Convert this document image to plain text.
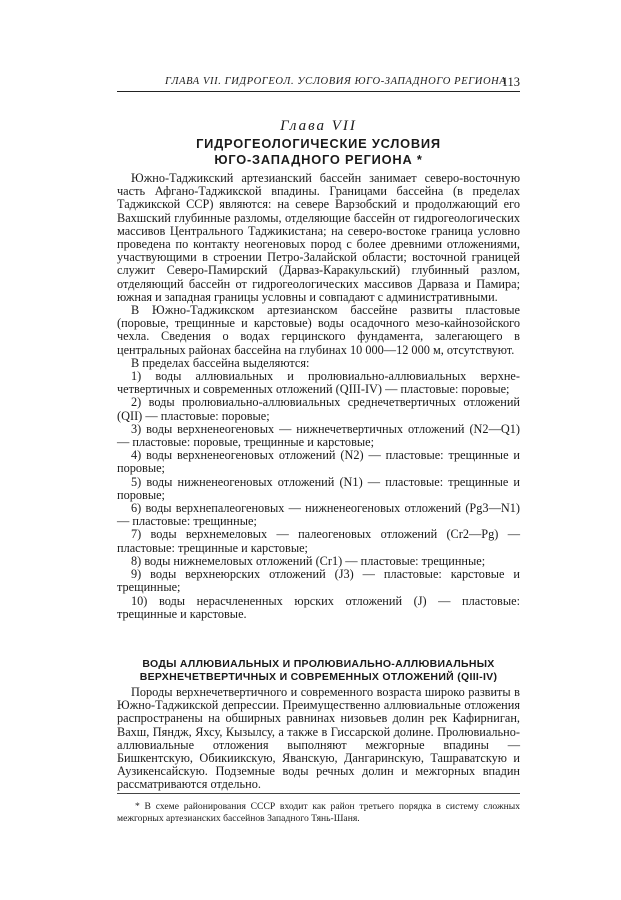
ГЛАВА VII. ГИДРОГЕОЛ. УСЛОВИЯ ЮГО-ЗАПАДНОГО РЕГИОНА
113
Глава VII
ГИДРОГЕОЛОГИЧЕСКИЕ УСЛОВИЯ
ЮГО-ЗАПАДНОГО РЕГИОНА *

Южно-Таджикский артезианский бассейн занимает северо-восточную часть Афгано-Таджикской впадины. Границами бассейна (в пределах Таджикской ССР) являются: на севере Варзобский и продолжающий его Вахшский глубинные разломы, отделяющие бассейн от гидрогеологических массивов Центрального Таджикистана; на северо-востоке граница условно проведена по контакту неогеновых пород с более древними отложениями, участвующими в строении Петро-Залайской области; восточной границей служит Северо-Памирский (Дарваз-Каракульский) глубинный разлом, отделяющий бассейн от гидрогеологических массивов Дарваза и Памира; южная и западная границы условны и совпадают с административными.

В Южно-Таджикском артезианском бассейне развиты пластовые (поровые, трещинные и карстовые) воды осадочного мезо-кайнозойского чехла. Сведения о водах герцинского фундамента, залегающего в центральных районах бассейна на глубинах 10 000—12 000 м, отсутствуют.

В пределах бассейна выделяются:

1) воды аллювиальных и пролювиально-аллювиальных верхнечетвертичных и современных отложений (QIII-IV) — пластовые: поровые;

2) воды пролювиально-аллювиальных среднечетвертичных отложений (QII) — пластовые: поровые;

3) воды верхненеогеновых — нижнечетвертичных отложений (N2—Q1) — пластовые: поровые, трещинные и карстовые;

4) воды верхненеогеновых отложений (N2) — пластовые: трещинные и поровые;

5) воды нижненеогеновых отложений (N1) — пластовые: трещинные и поровые;

6) воды верхнепалеогеновых — нижненеогеновых отложений (Pg3—N1) — пластовые: трещинные;

7) воды верхнемеловых — палеогеновых отложений (Cr2—Pg) — пластовые: трещинные и карстовые;

8) воды нижнемеловых отложений (Cr1) — пластовые: трещинные;

9) воды верхнеюрских отложений (J3) — пластовые: карстовые и трещинные;

10) воды нерасчлененных юрских отложений (J) — пластовые: трещинные и карстовые.

ВОДЫ АЛЛЮВИАЛЬНЫХ И ПРОЛЮВИАЛЬНО-АЛЛЮВИАЛЬНЫХ
ВЕРХНЕЧЕТВЕРТИЧНЫХ И СОВРЕМЕННЫХ ОТЛОЖЕНИЙ (QIII-IV)

Породы верхнечетвертичного и современного возраста широко развиты в Южно-Таджикской депрессии. Преимущественно аллювиальные отложения распространены на обширных равнинах низовьев долин рек Кафирниган, Вахш, Пяндж, Яхсу, Кызылсу, а также в Гиссарской долине. Пролювиально-аллювиальные отложения выполняют межгорные впадины — Бишкентскую, Обикиикскую, Яванскую, Дангаринскую, Ташраватскую и Аузикенсайскую. Подземные воды речных долин и межгорных впадин рассматриваются отдельно.

* В схеме районирования СССР входит как район третьего порядка в систему сложных межгорных артезианских бассейнов Западного Тянь-Шаня.
